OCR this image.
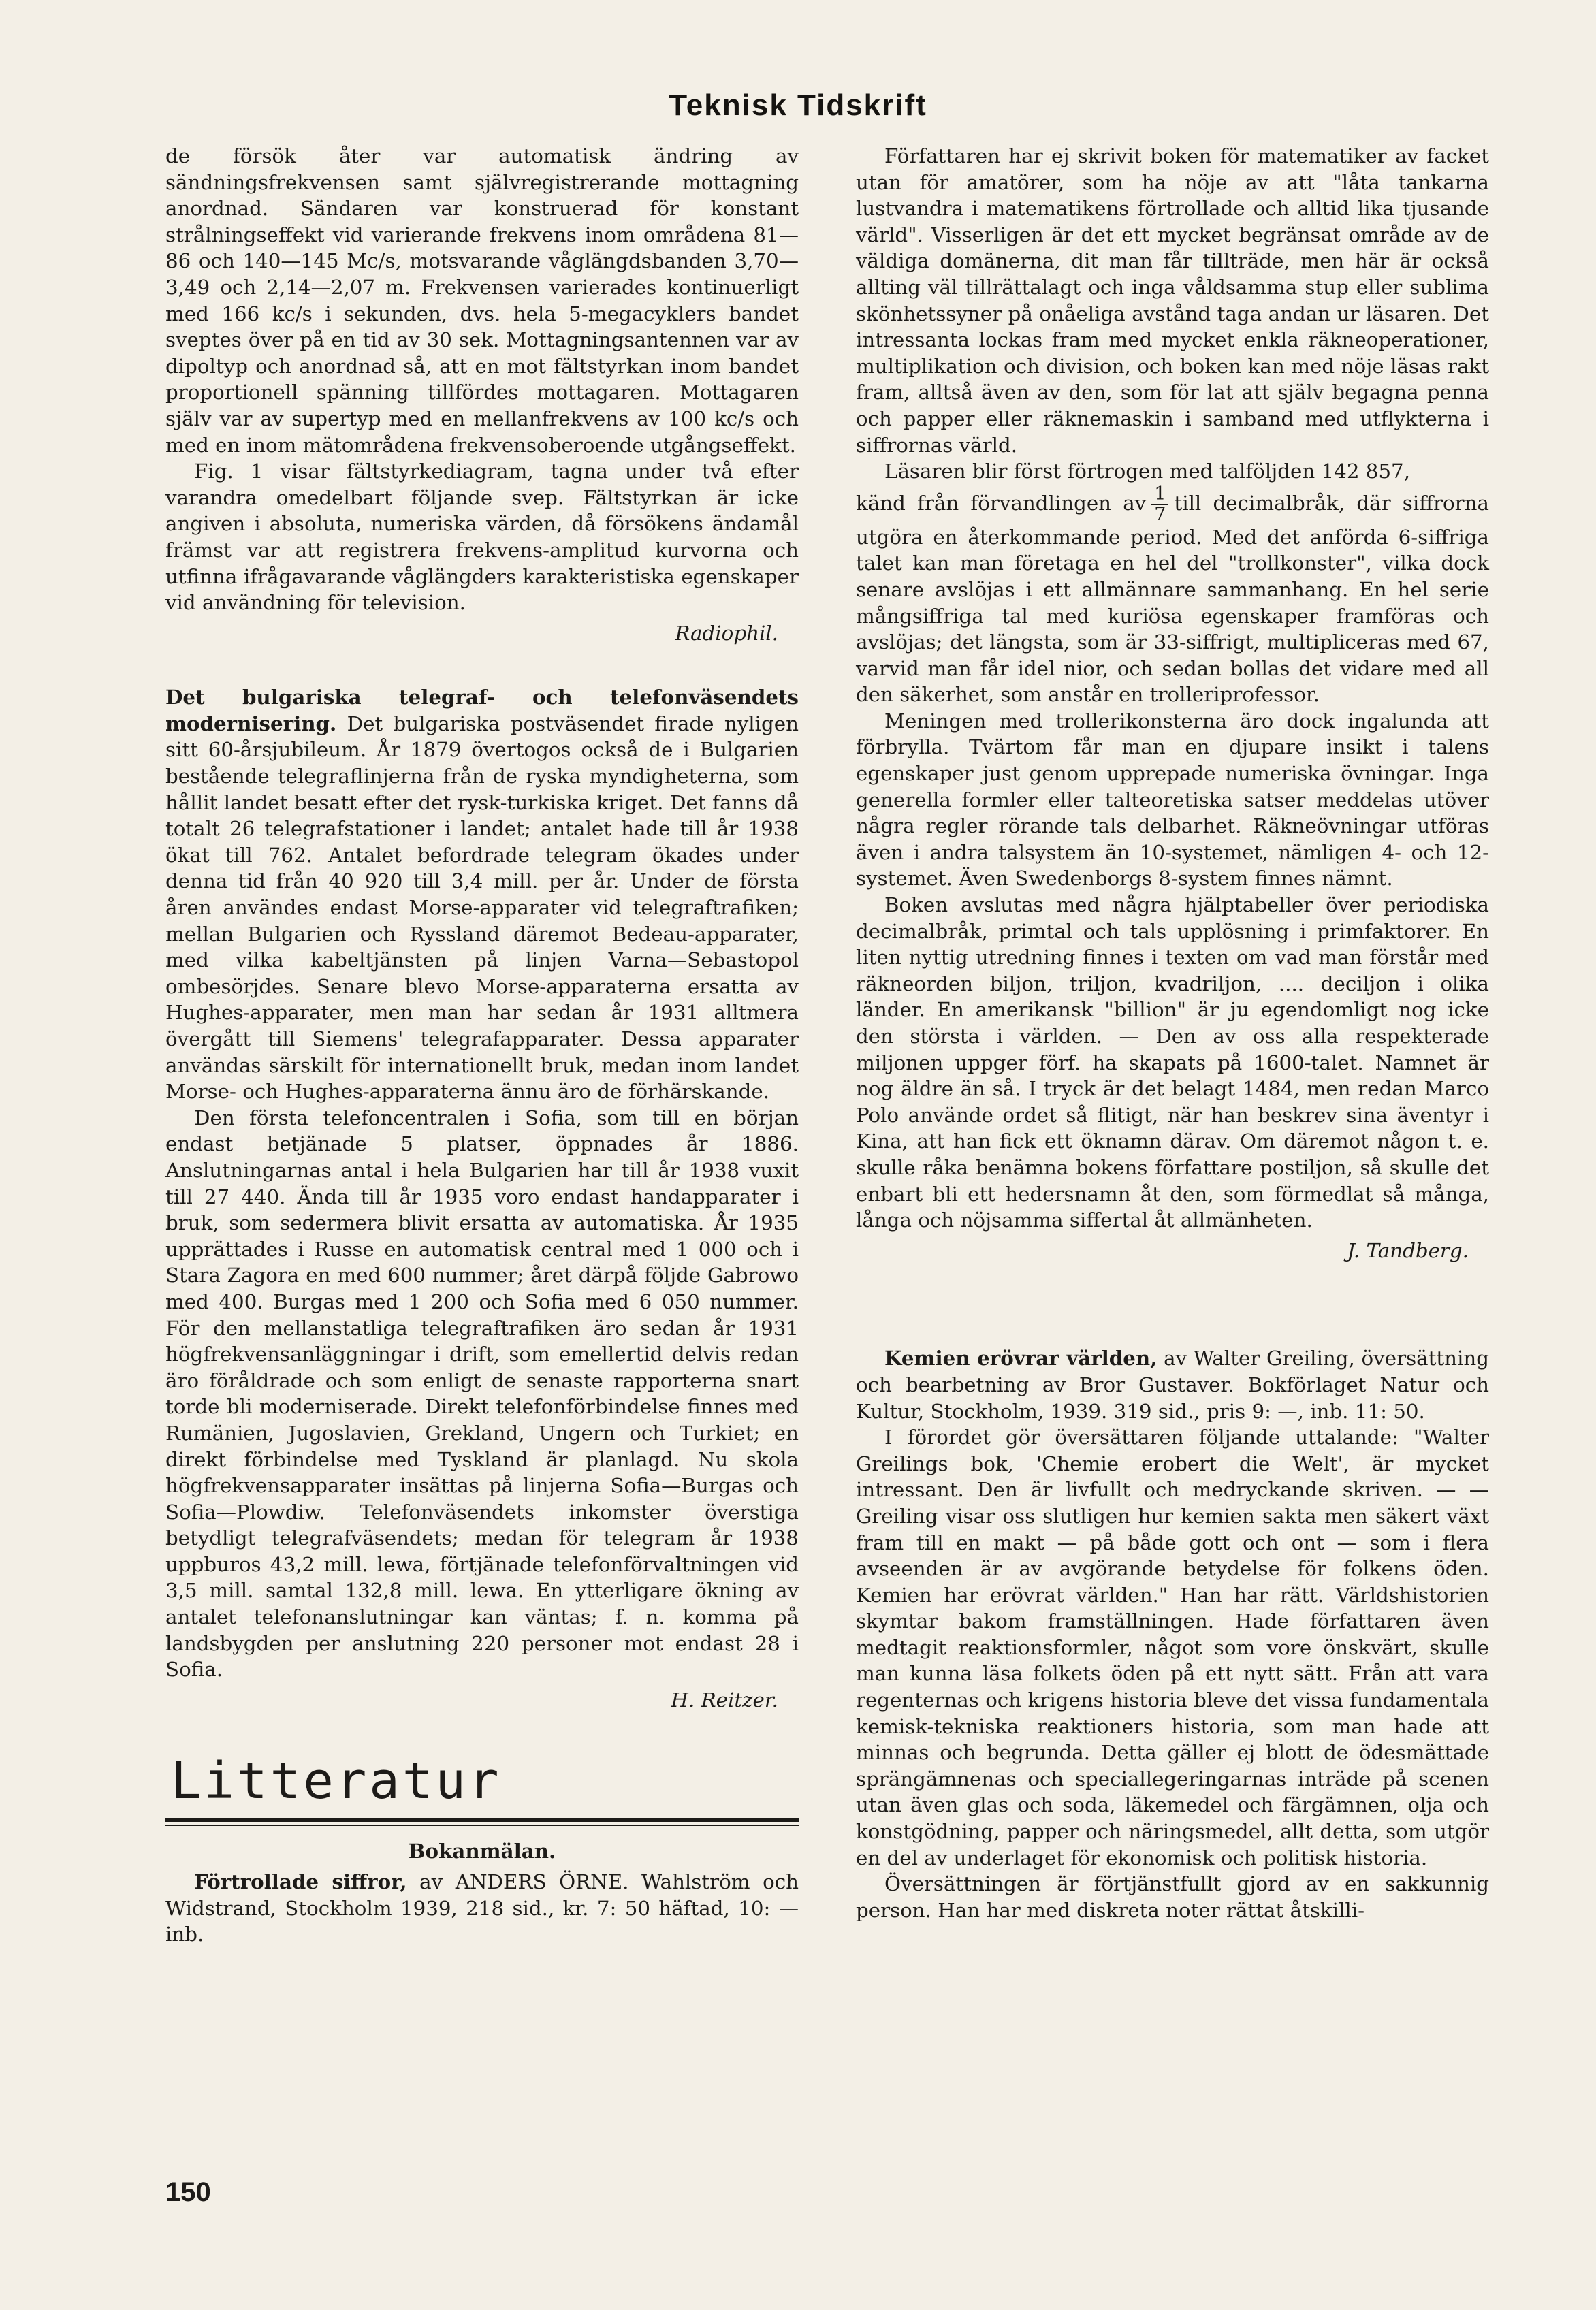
Teknisk Tidskrift

de försök åter var automatisk ändring av sändningsfrekvensen samt självregistrerande mottagning anordnad. Sändaren var konstruerad för konstant strålningseffekt vid varierande frekvens inom områdena 81—86 och 140—145 Mc/s, motsvarande våglängdsbanden 3,70—3,49 och 2,14—2,07 m. Frekvensen varierades kontinuerligt med 166 kc/s i sekunden, dvs. hela 5-megacyklers bandet sveptes över på en tid av 30 sek. Mottagningsantennen var av dipoltyp och anordnad så, att en mot fältstyrkan inom bandet proportionell spänning tillfördes mottagaren. Mottagaren själv var av supertyp med en mellanfrekvens av 100 kc/s och med en inom mätområdena frekvensoberoende utgångseffekt.

Fig. 1 visar fältstyrkediagram, tagna under två efter varandra omedelbart följande svep. Fältstyrkan är icke angiven i absoluta, numeriska värden, då försökens ändamål främst var att registrera frekvens-amplitud kurvorna och utfinna ifrågavarande våglängders karakteristiska egenskaper vid användning för television.

Radiophil.

Det bulgariska telegraf- och telefonväsendets modernisering. Det bulgariska postväsendet firade nyligen sitt 60-årsjubileum. År 1879 övertogos också de i Bulgarien bestående telegraflinjerna från de ryska myndigheterna, som hållit landet besatt efter det rysk-turkiska kriget. Det fanns då totalt 26 telegrafstationer i landet; antalet hade till år 1938 ökat till 762. Antalet befordrade telegram ökades under denna tid från 40 920 till 3,4 mill. per år. Under de första åren användes endast Morse-apparater vid telegraftrafiken; mellan Bulgarien och Ryssland däremot Bedeau-apparater, med vilka kabeltjänsten på linjen Varna—Sebastopol ombesörjdes. Senare blevo Morse-apparaterna ersatta av Hughes-apparater, men man har sedan år 1931 alltmera övergått till Siemens' telegrafapparater. Dessa apparater användas särskilt för internationellt bruk, medan inom landet Morse- och Hughes-apparaterna ännu äro de förhärskande.

Den första telefoncentralen i Sofia, som till en början endast betjänade 5 platser, öppnades år 1886. Anslutningarnas antal i hela Bulgarien har till år 1938 vuxit till 27 440. Ända till år 1935 voro endast handapparater i bruk, som sedermera blivit ersatta av automatiska. År 1935 upprättades i Russe en automatisk central med 1 000 och i Stara Zagora en med 600 nummer; året därpå följde Gabrowo med 400. Burgas med 1 200 och Sofia med 6 050 nummer. För den mellanstatliga telegraftrafiken äro sedan år 1931 högfrekvensanläggningar i drift, som emellertid delvis redan äro föråldrade och som enligt de senaste rapporterna snart torde bli moderniserade. Direkt telefonförbindelse finnes med Rumänien, Jugoslavien, Grekland, Ungern och Turkiet; en direkt förbindelse med Tyskland är planlagd. Nu skola högfrekvensapparater insättas på linjerna Sofia—Burgas och Sofia—Plowdiw. Telefonväsendets inkomster överstiga betydligt telegrafväsendets; medan för telegram år 1938 uppburos 43,2 mill. lewa, förtjänade telefonförvaltningen vid 3,5 mill. samtal 132,8 mill. lewa. En ytterligare ökning av antalet telefonanslutningar kan väntas; f. n. komma på landsbygden per anslutning 220 personer mot endast 28 i Sofia.

H. Reitzer.
Litteratur
Bokanmälan.

Förtrollade siffror, av ANDERS ÖRNE. Wahlström och Widstrand, Stockholm 1939, 218 sid., kr. 7: 50 häftad, 10: — inb.

Författaren har ej skrivit boken för matematiker av facket utan för amatörer, som ha nöje av att "låta tankarna lustvandra i matematikens förtrollade och alltid lika tjusande värld". Visserligen är det ett mycket begränsat område av de väldiga domänerna, dit man får tillträde, men här är också allting väl tillrättalagt och inga våldsamma stup eller sublima skönhetssyner på onåeliga avstånd taga andan ur läsaren. Det intressanta lockas fram med mycket enkla räkneoperationer, multiplikation och division, och boken kan med nöje läsas rakt fram, alltså även av den, som för lat att själv begagna penna och papper eller räknemaskin i samband med utflykterna i siffrornas värld.

Läsaren blir först förtrogen med talföljden 142 857,

känd från förvandlingen av $\frac{1}{7}$ till decimalbråk, där siffrorna utgöra en återkommande period. Med det anförda 6-siffriga talet kan man företaga en hel del "trollkonster", vilka dock senare avslöjas i ett allmännare sammanhang. En hel serie mångsiffriga tal med kuriösa egenskaper framföras och avslöjas; det längsta, som är 33-siffrigt, multipliceras med 67, varvid man får idel nior, och sedan bollas det vidare med all den säkerhet, som anstår en trolleriprofessor.

Meningen med trollerikonsterna äro dock ingalunda att förbrylla. Tvärtom får man en djupare insikt i talens egenskaper just genom upprepade numeriska övningar. Inga generella formler eller talteoretiska satser meddelas utöver några regler rörande tals delbarhet. Räkneövningar utföras även i andra talsystem än 10-systemet, nämligen 4- och 12-systemet. Även Swedenborgs 8-system finnes nämnt.

Boken avslutas med några hjälptabeller över periodiska decimalbråk, primtal och tals upplösning i primfaktorer. En liten nyttig utredning finnes i texten om vad man förstår med räkneorden biljon, triljon, kvadriljon, .... deciljon i olika länder. En amerikansk "billion" är ju egendomligt nog icke den största i världen. — Den av oss alla respekterade miljonen uppger förf. ha skapats på 1600-talet. Namnet är nog äldre än så. I tryck är det belagt 1484, men redan Marco Polo använde ordet så flitigt, när han beskrev sina äventyr i Kina, att han fick ett öknamn därav. Om däremot någon t. e. skulle råka benämna bokens författare postiljon, så skulle det enbart bli ett hedersnamn åt den, som förmedlat så många, långa och nöjsamma siffertal åt allmänheten.

J. Tandberg.

Kemien erövrar världen, av Walter Greiling, översättning och bearbetning av Bror Gustaver. Bokförlaget Natur och Kultur, Stockholm, 1939. 319 sid., pris 9: —, inb. 11: 50.

I förordet gör översättaren följande uttalande: "Walter Greilings bok, 'Chemie erobert die Welt', är mycket intressant. Den är livfullt och medryckande skriven. — — Greiling visar oss slutligen hur kemien sakta men säkert växt fram till en makt — på både gott och ont — som i flera avseenden är av avgörande betydelse för folkens öden. Kemien har erövrat världen." Han har rätt. Världshistorien skymtar bakom framställningen. Hade författaren även medtagit reaktionsformler, något som vore önskvärt, skulle man kunna läsa folkets öden på ett nytt sätt. Från att vara regenternas och krigens historia bleve det vissa fundamentala kemisk-tekniska reaktioners historia, som man hade att minnas och begrunda. Detta gäller ej blott de ödesmättade sprängämnenas och speciallegeringarnas inträde på scenen utan även glas och soda, läkemedel och färgämnen, olja och konstgödning, papper och näringsmedel, allt detta, som utgör en del av underlaget för ekonomisk och politisk historia.

Översättningen är förtjänstfullt gjord av en sakkunnig person. Han har med diskreta noter rättat åtskilli-

150
